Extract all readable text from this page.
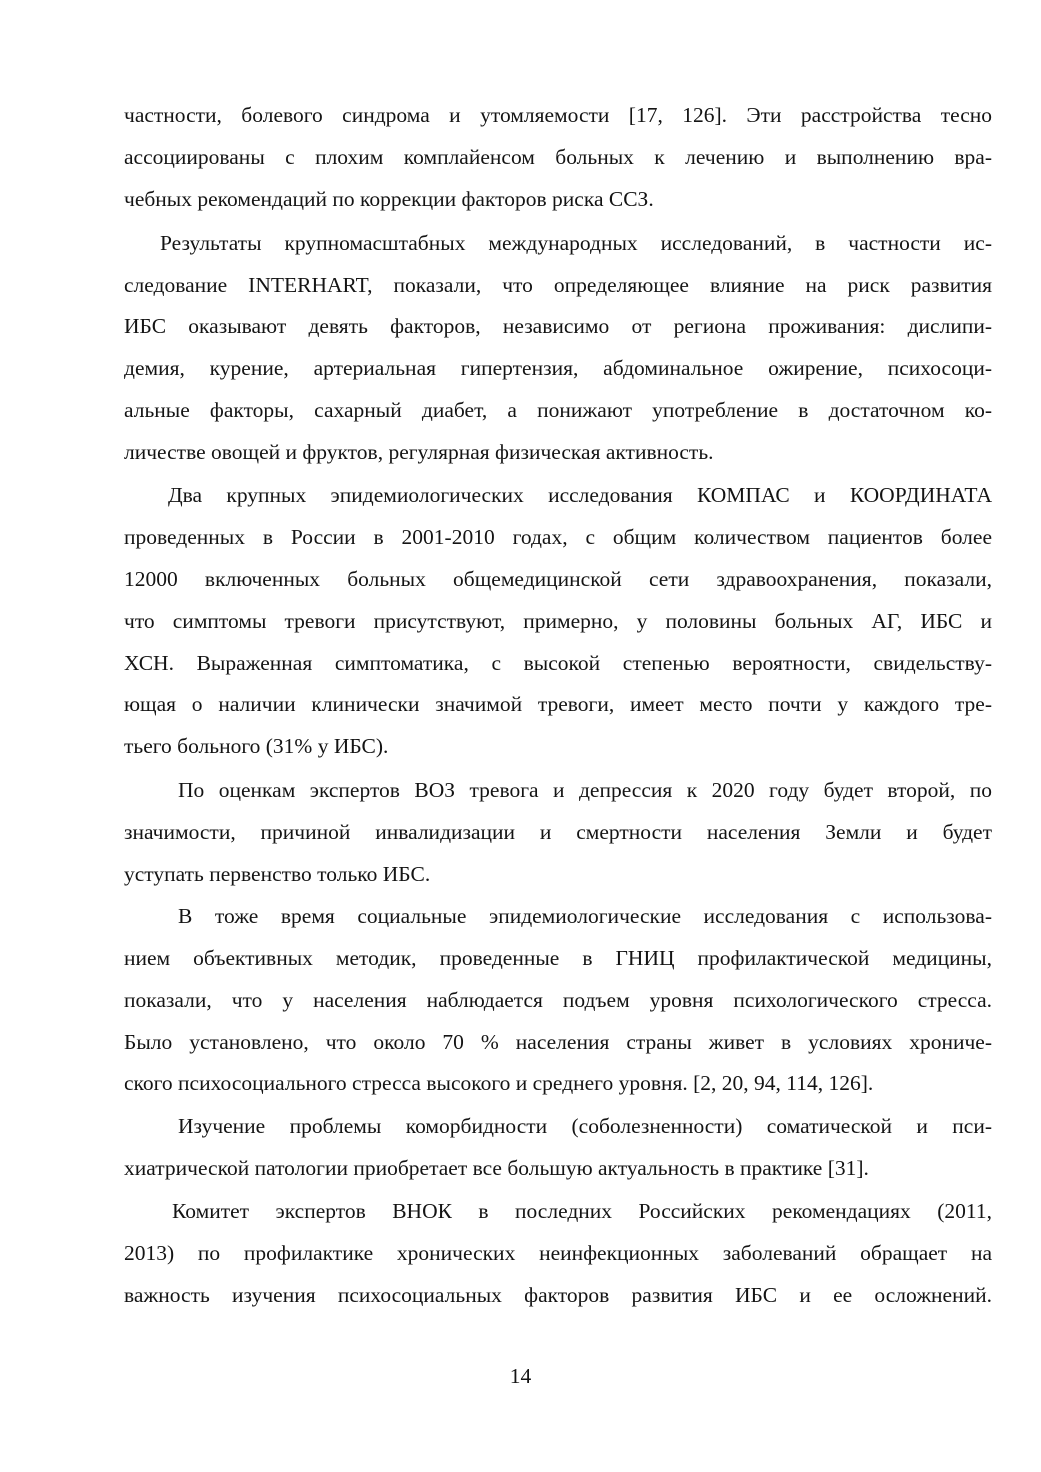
частности, болевого синдрома и утомляемости [17, 126]. Эти расстройства тесно
ассоциированы с плохим комплайенсом больных к лечению и выполнению вра-
чебных рекомендаций по коррекции факторов риска ССЗ.
Результаты крупномасштабных международных исследований, в частности ис-
следование INTERHART, показали, что определяющее влияние на риск развития
ИБС оказывают девять факторов, независимо от региона проживания: дислипи-
демия, курение, артериальная гипертензия, абдоминальное ожирение, психосоци-
альные факторы, сахарный диабет, а понижают употребление в достаточном ко-
личестве овощей и фруктов, регулярная физическая активность.
Два крупных эпидемиологических исследования КОМПАС и КООРДИНАТА
проведенных в России в 2001-2010 годах, с общим количеством пациентов более
12000 включенных больных общемедицинской сети здравоохранения, показали,
что симптомы тревоги присутствуют, примерно, у половины больных АГ, ИБС и
ХСН. Выраженная симптоматика, с высокой степенью вероятности, свидельству-
ющая о наличии клинически значимой тревоги, имеет место почти у каждого тре-
тьего больного (31% у ИБС).
По оценкам экспертов ВОЗ тревога и депрессия к 2020 году будет второй, по
значимости, причиной инвалидизации и смертности населения Земли и будет
уступать первенство только ИБС.
В тоже время социальные эпидемиологические исследования с использова-
нием объективных методик, проведенные в ГНИЦ профилактической медицины,
показали, что у населения наблюдается подъем уровня психологического стресса.
Было установлено, что около 70 % населения страны живет в условиях хрониче-
ского психосоциального стресса высокого и среднего уровня. [2, 20, 94, 114, 126].
Изучение проблемы коморбидности (соболезненности) соматической и пси-
хиатрической патологии приобретает все большую актуальность в практике [31].
Комитет экспертов ВНОК в последних Российских рекомендациях (2011,
2013) по профилактике хронических неинфекционных заболеваний обращает на
важность изучения психосоциальных факторов развития ИБС и ее осложнений.
14
